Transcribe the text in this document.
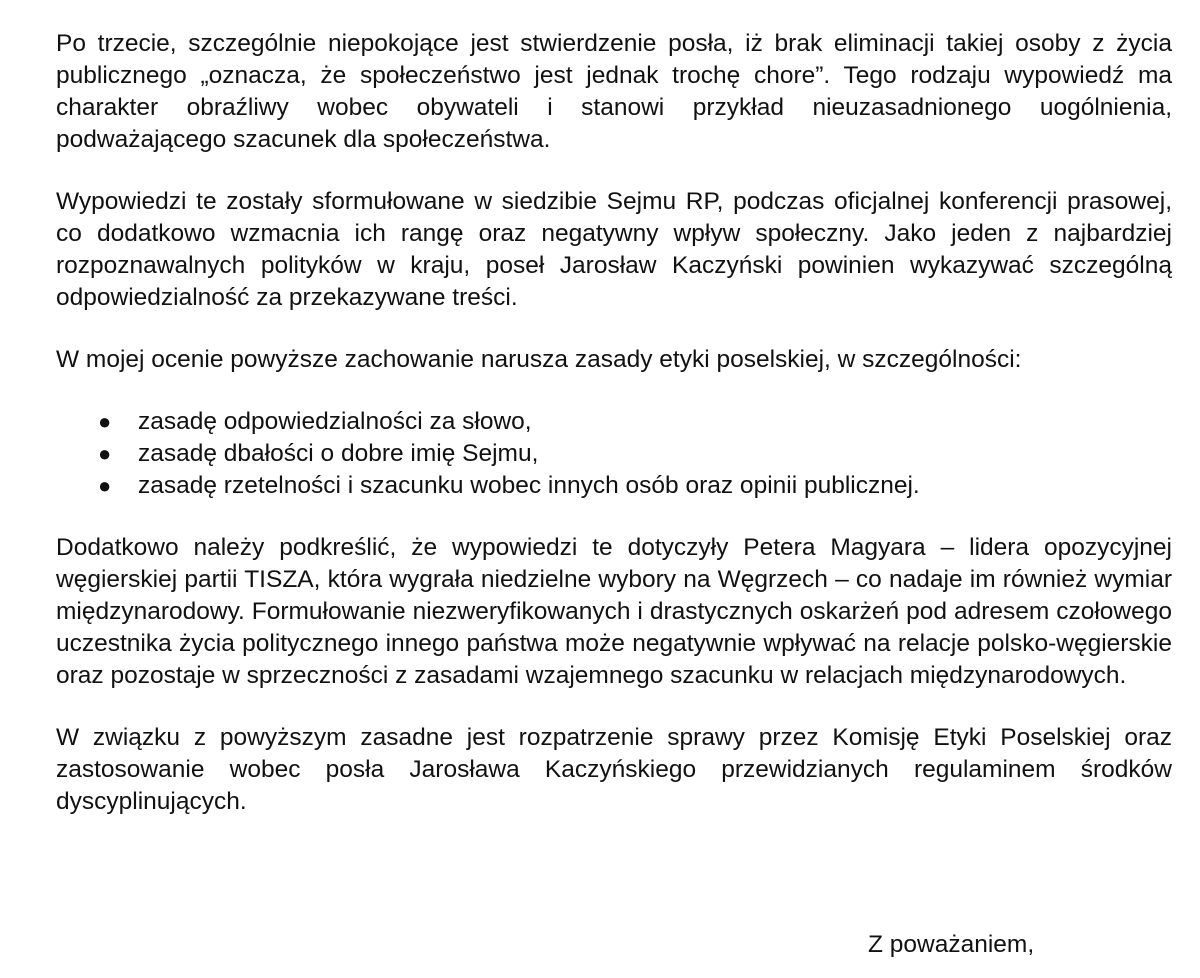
Po trzecie, szczególnie niepokojące jest stwierdzenie posła, iż brak eliminacji takiej osoby z życia publicznego „oznacza, że społeczeństwo jest jednak trochę chore”. Tego rodzaju wypowiedź ma charakter obraźliwy wobec obywateli i stanowi przykład nieuzasadnionego uogólnienia, podważającego szacunek dla społeczeństwa.

Wypowiedzi te zostały sformułowane w siedzibie Sejmu RP, podczas oficjalnej konferencji prasowej, co dodatkowo wzmacnia ich rangę oraz negatywny wpływ społeczny. Jako jeden z najbardziej rozpoznawalnych polityków w kraju, poseł Jarosław Kaczyński powinien wykazywać szczególną odpowiedzialność za przekazywane treści.

W mojej ocenie powyższe zachowanie narusza zasady etyki poselskiej, w szczególności:

● zasadę odpowiedzialności za słowo,
● zasadę dbałości o dobre imię Sejmu,
● zasadę rzetelności i szacunku wobec innych osób oraz opinii publicznej.

Dodatkowo należy podkreślić, że wypowiedzi te dotyczyły Petera Magyara – lidera opozycyjnej węgierskiej partii TISZA, która wygrała niedzielne wybory na Węgrzech – co nadaje im również wymiar międzynarodowy. Formułowanie niezweryfikowanych i drastycznych oskarżeń pod adresem czołowego uczestnika życia politycznego innego państwa może negatywnie wpływać na relacje polsko-węgierskie oraz pozostaje w sprzeczności z zasadami wzajemnego szacunku w relacjach międzynarodowych.

W związku z powyższym zasadne jest rozpatrzenie sprawy przez Komisję Etyki Poselskiej oraz zastosowanie wobec posła Jarosława Kaczyńskiego przewidzianych regulaminem środków dyscyplinujących.

Z poważaniem,
